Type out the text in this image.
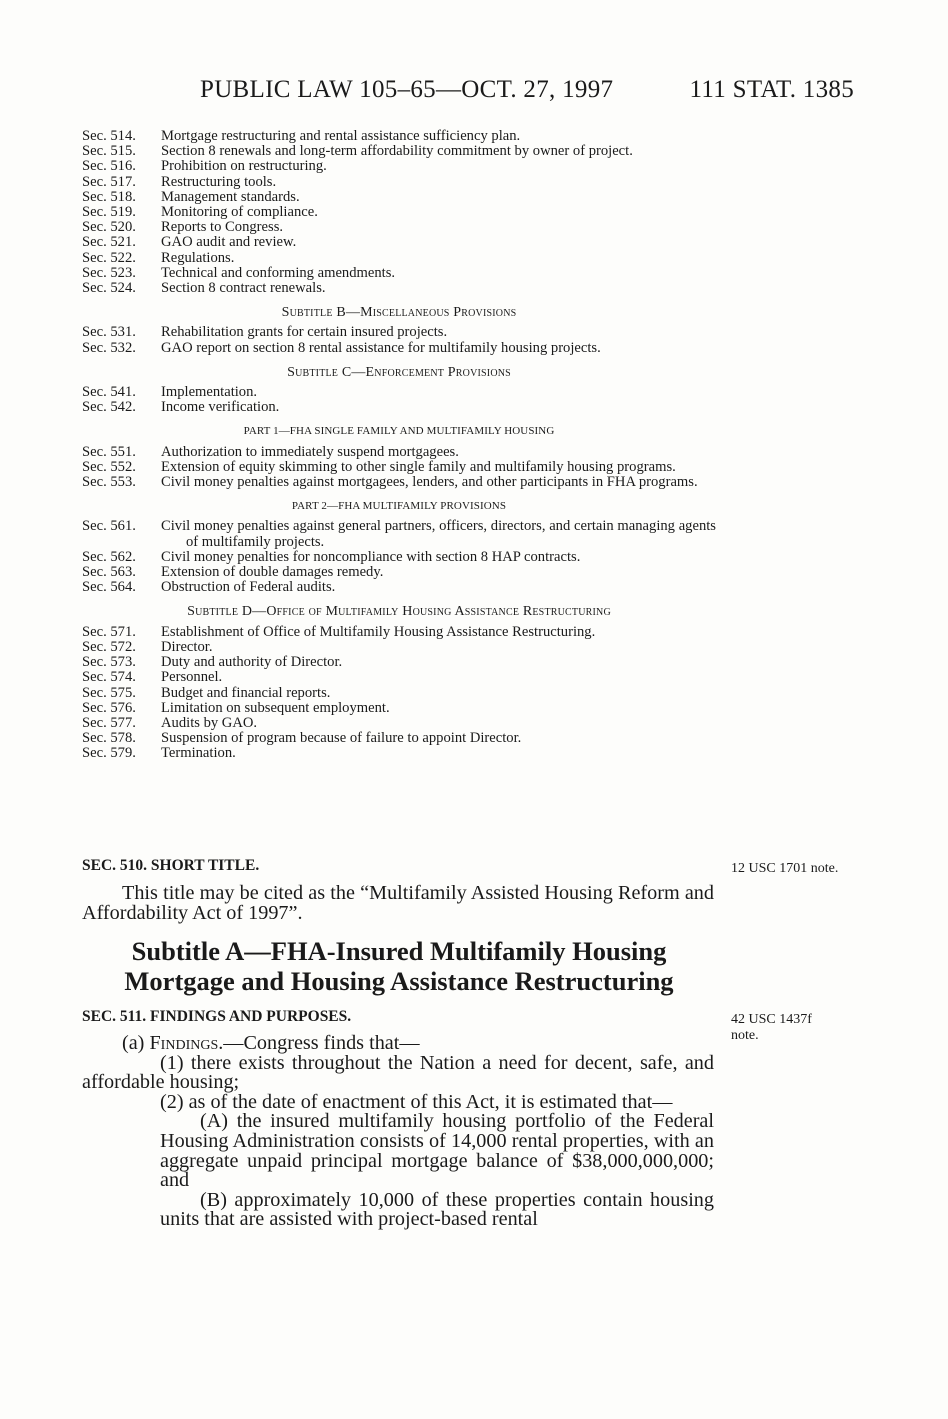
PUBLIC LAW 105–65—OCT. 27, 1997	111 STAT. 1385
Sec. 514.	Mortgage restructuring and rental assistance sufficiency plan.
Sec. 515.	Section 8 renewals and long-term affordability commitment by owner of project.
Sec. 516.	Prohibition on restructuring.
Sec. 517.	Restructuring tools.
Sec. 518.	Management standards.
Sec. 519.	Monitoring of compliance.
Sec. 520.	Reports to Congress.
Sec. 521.	GAO audit and review.
Sec. 522.	Regulations.
Sec. 523.	Technical and conforming amendments.
Sec. 524.	Section 8 contract renewals.
Subtitle B—Miscellaneous Provisions
Sec. 531.	Rehabilitation grants for certain insured projects.
Sec. 532.	GAO report on section 8 rental assistance for multifamily housing projects.
Subtitle C—Enforcement Provisions
Sec. 541.	Implementation.
Sec. 542.	Income verification.
PART 1—FHA SINGLE FAMILY AND MULTIFAMILY HOUSING
Sec. 551.	Authorization to immediately suspend mortgagees.
Sec. 552.	Extension of equity skimming to other single family and multifamily housing programs.
Sec. 553.	Civil money penalties against mortgagees, lenders, and other participants in FHA programs.
PART 2—FHA MULTIFAMILY PROVISIONS
Sec. 561.	Civil money penalties against general partners, officers, directors, and certain managing agents of multifamily projects.
Sec. 562.	Civil money penalties for noncompliance with section 8 HAP contracts.
Sec. 563.	Extension of double damages remedy.
Sec. 564.	Obstruction of Federal audits.
Subtitle D—Office of Multifamily Housing Assistance Restructuring
Sec. 571.	Establishment of Office of Multifamily Housing Assistance Restructuring.
Sec. 572.	Director.
Sec. 573.	Duty and authority of Director.
Sec. 574.	Personnel.
Sec. 575.	Budget and financial reports.
Sec. 576.	Limitation on subsequent employment.
Sec. 577.	Audits by GAO.
Sec. 578.	Suspension of program because of failure to appoint Director.
Sec. 579.	Termination.
SEC. 510. SHORT TITLE.	12 USC 1701 note.

This title may be cited as the “Multifamily Assisted Housing Reform and Affordability Act of 1997”.

Subtitle A—FHA-Insured Multifamily Housing Mortgage and Housing Assistance Restructuring
SEC. 511. FINDINGS AND PURPOSES.	42 USC 1437f note.

(a) Findings.—Congress finds that—

(1) there exists throughout the Nation a need for decent, safe, and affordable housing;

(2) as of the date of enactment of this Act, it is estimated that—

(A) the insured multifamily housing portfolio of the Federal Housing Administration consists of 14,000 rental properties, with an aggregate unpaid principal mortgage balance of $38,000,000,000; and

(B) approximately 10,000 of these properties contain housing units that are assisted with project-based rental
